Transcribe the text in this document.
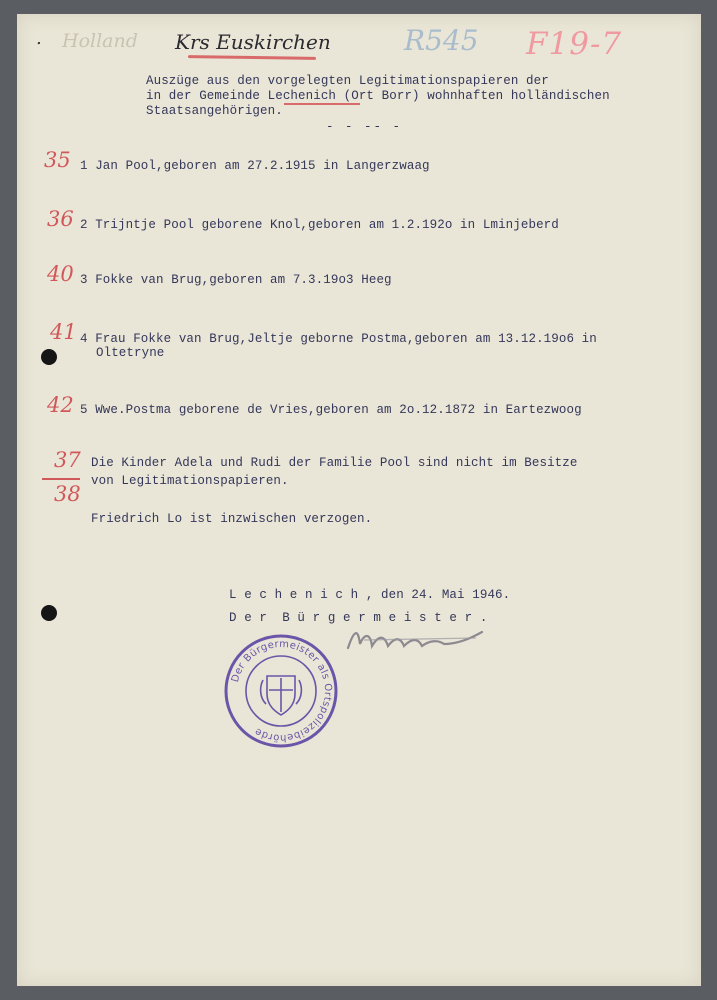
. Holland Krs Euskirchen	R545 F19-7
Auszüge aus den vorgelegten Legitimationspapieren der
in der Gemeinde Lechenich (Ort Borr) wohnhaften holländischen
Staatsangehörigen.
- - -- -
35 1 Jan Pool,geboren am 27.2.1915 in Langerzwaag
36 2 Trijntje Pool geborene Knol,geboren am 1.2.192o in Lminjeberd
40 3 Fokke van Brug,geboren am 7.3.19o3 Heeg
41 4 Frau Fokke van Brug,Jeltje geborne Postma,geboren am 13.12.19o6 in
Oltetryne
42 5 Wwe.Postma geborene de Vries,geboren am 2o.12.1872 in Eartezwoog
37
38
Die Kinder Adela und Rudi der Familie Pool sind nicht im Besitze
von Legitimationspapieren.
Friedrich Lo ist inzwischen verzogen.
L e c h e n i c h , den 24. Mai 1946.
D e r  B ü r g e r m e i s t e r .
Der Bürgermeister als Ortspolizeibehörde
